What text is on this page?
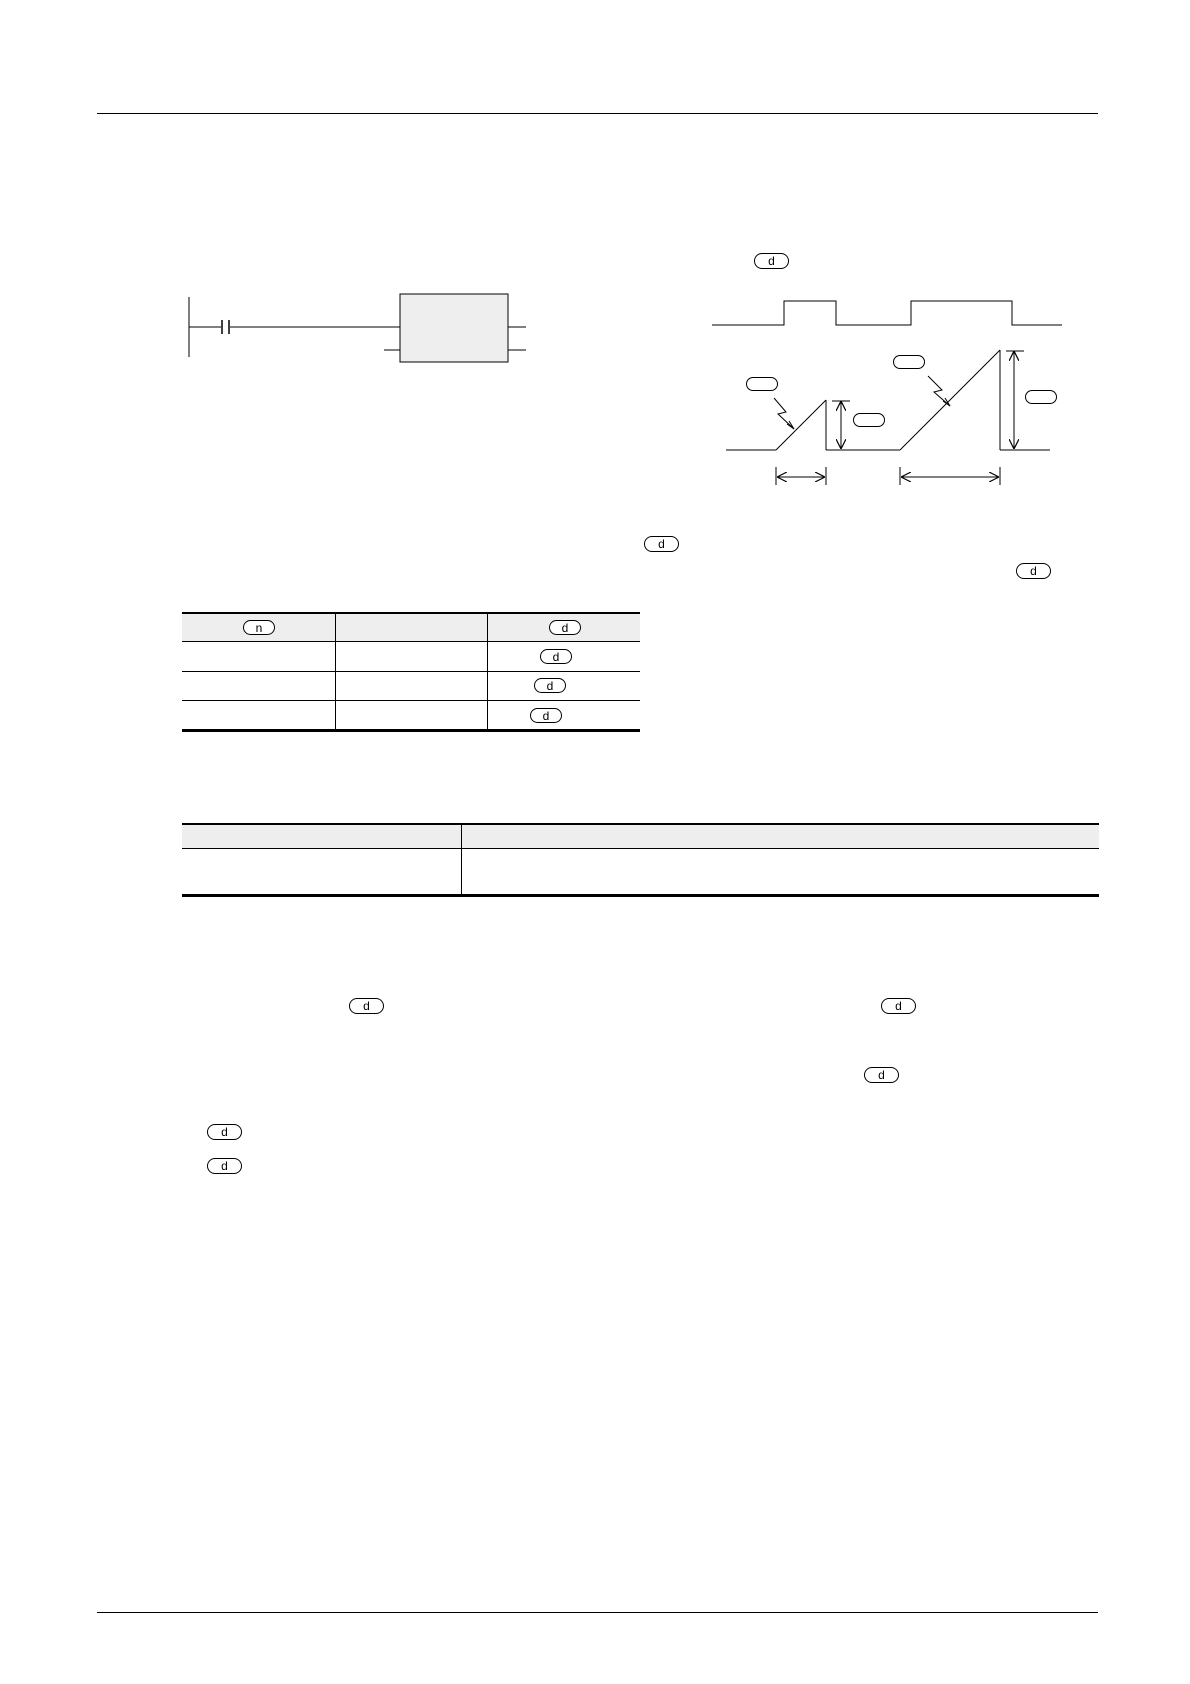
d
d
d
n	d
d
d
d
d	d
d
d
d
